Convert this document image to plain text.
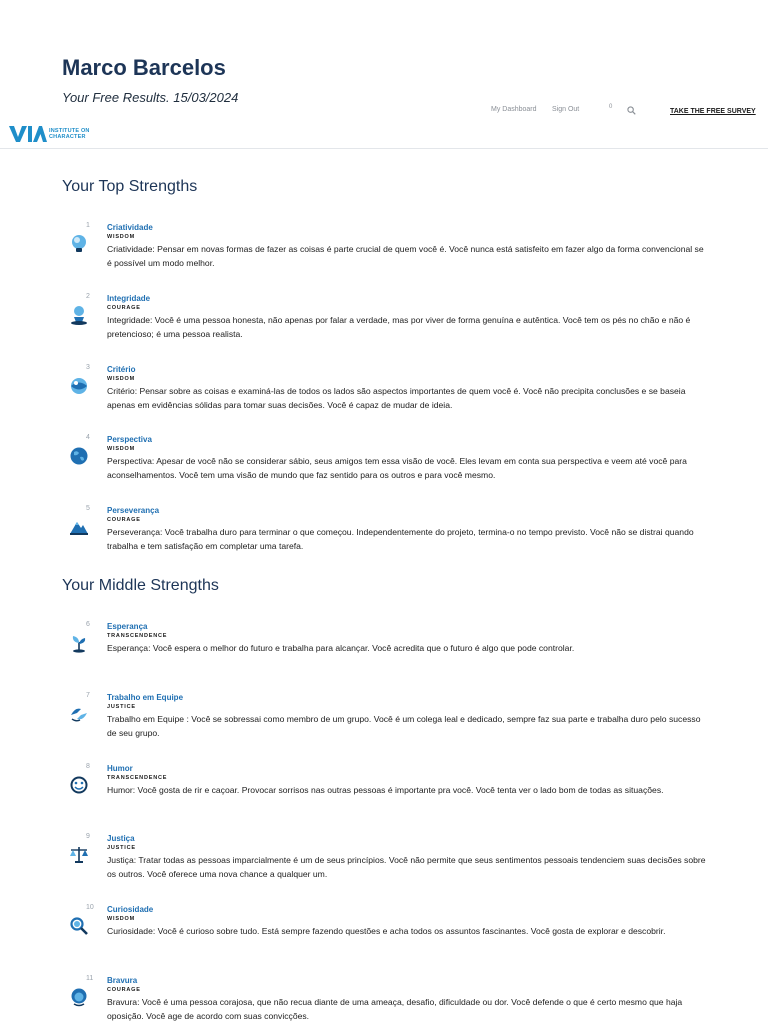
Marco Barcelos
Your Free Results. 15/03/2024
INSTITUTE ON
CHARACTER
My Dashboard Sign Out	0
TAKE THE FREE SURVEY
Your Top Strengths
1 Criatividade
WISDOM
Criatividade: Pensar em novas formas de fazer as coisas é parte crucial de quem você é. Você nunca está satisfeito em fazer algo da forma convencional se é possível um modo melhor.
2 Integridade
COURAGE
Integridade: Você é uma pessoa honesta, não apenas por falar a verdade, mas por viver de forma genuína e autêntica. Você tem os pés no chão e não é pretencioso; é uma pessoa realista.
3 Critério
WISDOM
Critério: Pensar sobre as coisas e examiná-las de todos os lados são aspectos importantes de quem você é. Você não precipita conclusões e se baseia apenas em evidências sólidas para tomar suas decisões. Você é capaz de mudar de ideia.
4 Perspectiva
WISDOM
Perspectiva: Apesar de você não se considerar sábio, seus amigos tem essa visão de você. Eles levam em conta sua perspectiva e veem até você para aconselhamentos. Você tem uma visão de mundo que faz sentido para os outros e para você mesmo.
5 Perseverança
COURAGE
Perseverança: Você trabalha duro para terminar o que começou. Independentemente do projeto, termina-o no tempo previsto. Você não se distrai quando trabalha e tem satisfação em completar uma tarefa.
Your Middle Strengths
6 Esperança
TRANSCENDENCE
Esperança: Você espera o melhor do futuro e trabalha para alcançar. Você acredita que o futuro é algo que pode controlar.
7 Trabalho em Equipe
JUSTICE
Trabalho em Equipe : Você se sobressai como membro de um grupo. Você é um colega leal e dedicado, sempre faz sua parte e trabalha duro pelo sucesso de seu grupo.
8 Humor
TRANSCENDENCE
Humor: Você gosta de rir e caçoar. Provocar sorrisos nas outras pessoas é importante pra você. Você tenta ver o lado bom de todas as situações.
9 Justiça
JUSTICE
Justiça: Tratar todas as pessoas imparcialmente é um de seus princípios. Você não permite que seus sentimentos pessoais tendenciem suas decisões sobre os outros. Você oferece uma nova chance a qualquer um.
10 Curiosidade
WISDOM
Curiosidade: Você é curioso sobre tudo. Está sempre fazendo questões e acha todos os assuntos fascinantes. Você gosta de explorar e descobrir.
11 Bravura
COURAGE
Bravura: Você é uma pessoa corajosa, que não recua diante de uma ameaça, desafio, dificuldade ou dor. Você defende o que é certo mesmo que haja oposição. Você age de acordo com suas convicções.
